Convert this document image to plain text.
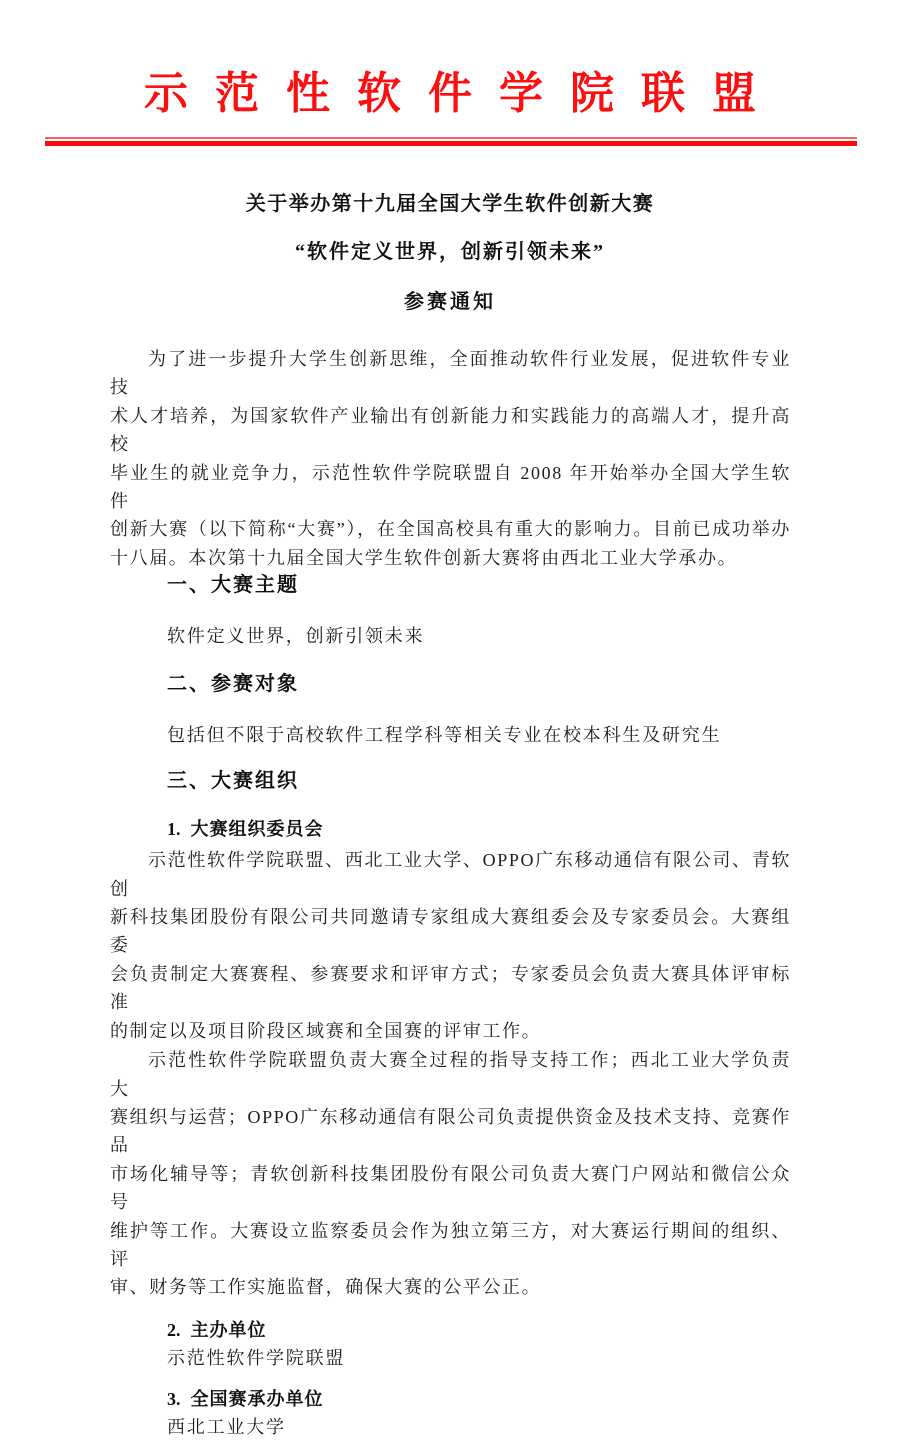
示范性软件学院联盟
关于举办第十九届全国大学生软件创新大赛
“软件定义世界，创新引领未来”
参赛通知
为了进一步提升大学生创新思维，全面推动软件行业发展，促进软件专业技
术人才培养，为国家软件产业输出有创新能力和实践能力的高端人才，提升高校
毕业生的就业竞争力，示范性软件学院联盟自 2008 年开始举办全国大学生软件
创新大赛（以下简称“大赛”），在全国高校具有重大的影响力。目前已成功举办
十八届。本次第十九届全国大学生软件创新大赛将由西北工业大学承办。
一、大赛主题
软件定义世界，创新引领未来
二、参赛对象
包括但不限于高校软件工程学科等相关专业在校本科生及研究生
三、大赛组织
1. 大赛组织委员会
示范性软件学院联盟、西北工业大学、OPPO广东移动通信有限公司、青软创
新科技集团股份有限公司共同邀请专家组成大赛组委会及专家委员会。大赛组委
会负责制定大赛赛程、参赛要求和评审方式；专家委员会负责大赛具体评审标准
的制定以及项目阶段区域赛和全国赛的评审工作。
示范性软件学院联盟负责大赛全过程的指导支持工作；西北工业大学负责大
赛组织与运营；OPPO广东移动通信有限公司负责提供资金及技术支持、竞赛作品
市场化辅导等；青软创新科技集团股份有限公司负责大赛门户网站和微信公众号
维护等工作。大赛设立监察委员会作为独立第三方，对大赛运行期间的组织、评
审、财务等工作实施监督，确保大赛的公平公正。
2. 主办单位
示范性软件学院联盟
3. 全国赛承办单位
西北工业大学
